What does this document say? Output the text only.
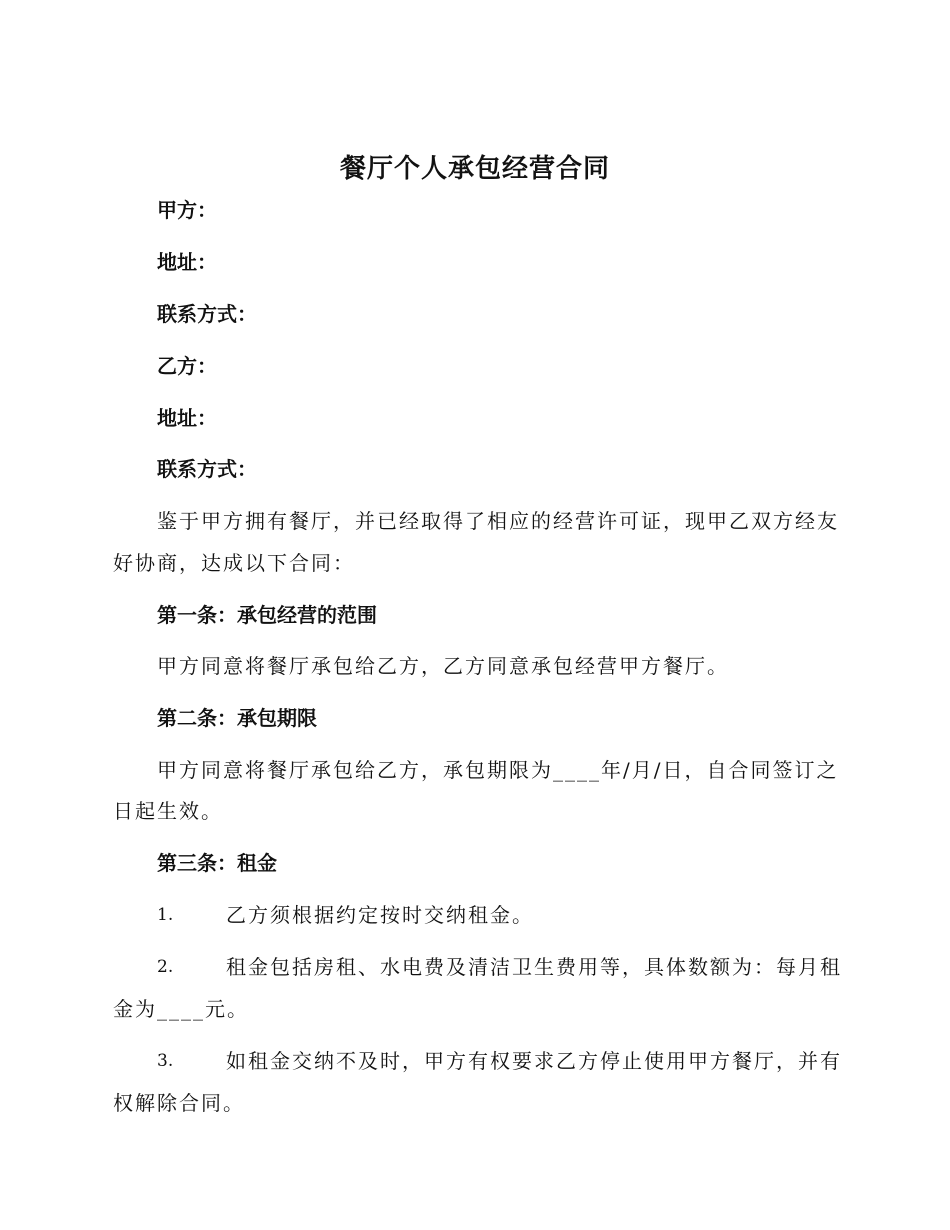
餐厅个人承包经营合同
甲方：
地址：
联系方式：
乙方：
地址：
联系方式：
鉴于甲方拥有餐厅，并已经取得了相应的经营许可证，现甲乙双方经友
好协商，达成以下合同：
第一条：承包经营的范围
甲方同意将餐厅承包给乙方，乙方同意承包经营甲方餐厅。
第二条：承包期限
甲方同意将餐厅承包给乙方，承包期限为____年/月/日，自合同签订之
日起生效。
第三条：租金
1.	乙方须根据约定按时交纳租金。
2.	租金包括房租、水电费及清洁卫生费用等，具体数额为：每月租
金为____元。
3.	如租金交纳不及时，甲方有权要求乙方停止使用甲方餐厅，并有
权解除合同。
